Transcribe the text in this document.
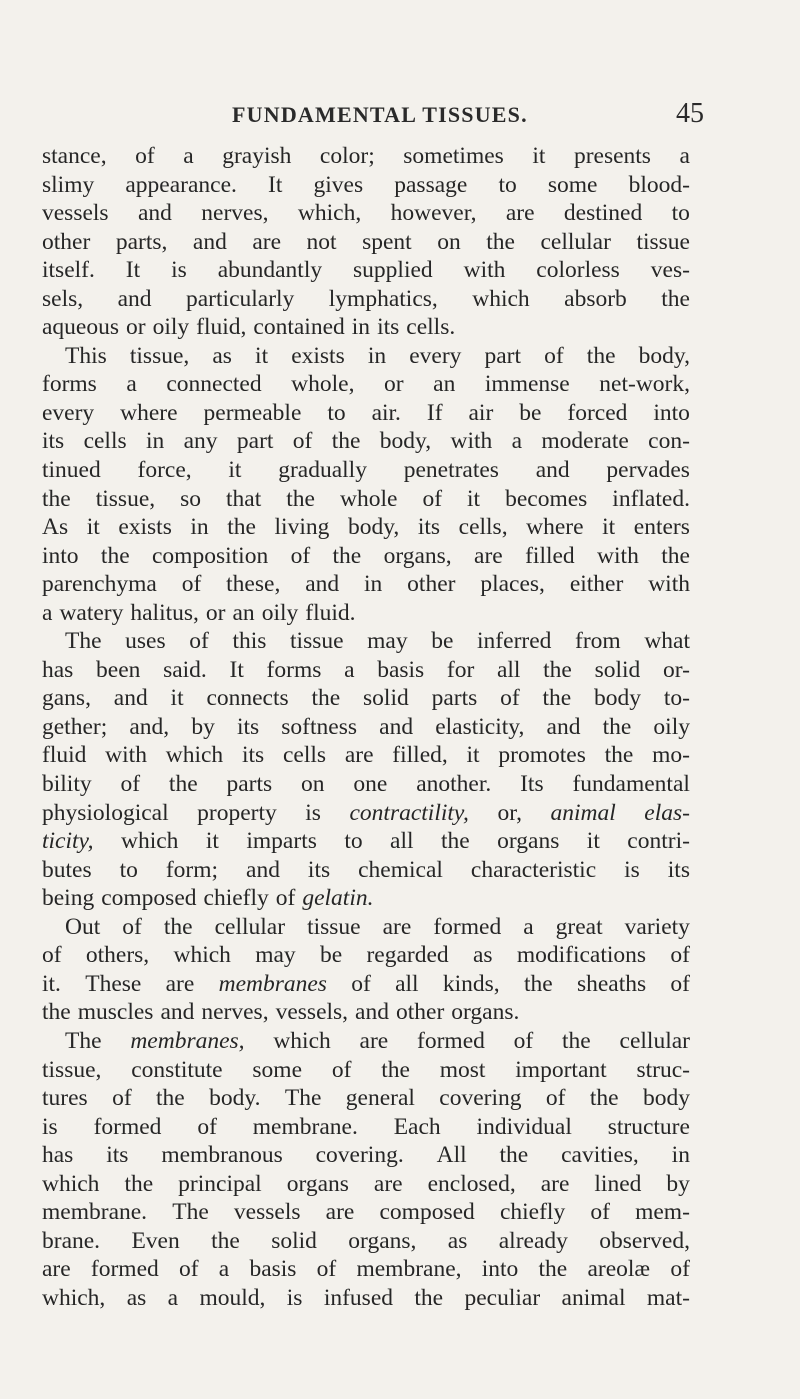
FUNDAMENTAL TISSUES.	45
stance, of a grayish color; sometimes it presents a
slimy appearance. It gives passage to some blood-
vessels and nerves, which, however, are destined to
other parts, and are not spent on the cellular tissue
itself. It is abundantly supplied with colorless ves-
sels, and particularly lymphatics, which absorb the
aqueous or oily fluid, contained in its cells.
This tissue, as it exists in every part of the body,
forms a connected whole, or an immense net-work,
every where permeable to air. If air be forced into
its cells in any part of the body, with a moderate con-
tinued force, it gradually penetrates and pervades
the tissue, so that the whole of it becomes inflated.
As it exists in the living body, its cells, where it enters
into the composition of the organs, are filled with the
parenchyma of these, and in other places, either with
a watery halitus, or an oily fluid.
The uses of this tissue may be inferred from what
has been said. It forms a basis for all the solid or-
gans, and it connects the solid parts of the body to-
gether; and, by its softness and elasticity, and the oily
fluid with which its cells are filled, it promotes the mo-
bility of the parts on one another. Its fundamental
physiological property is contractility, or, animal elas-
ticity, which it imparts to all the organs it contri-
butes to form; and its chemical characteristic is its
being composed chiefly of gelatin.
Out of the cellular tissue are formed a great variety
of others, which may be regarded as modifications of
it. These are membranes of all kinds, the sheaths of
the muscles and nerves, vessels, and other organs.
The membranes, which are formed of the cellular
tissue, constitute some of the most important struc-
tures of the body. The general covering of the body
is formed of membrane. Each individual structure
has its membranous covering. All the cavities, in
which the principal organs are enclosed, are lined by
membrane. The vessels are composed chiefly of mem-
brane. Even the solid organs, as already observed,
are formed of a basis of membrane, into the areolæ of
which, as a mould, is infused the peculiar animal mat-
